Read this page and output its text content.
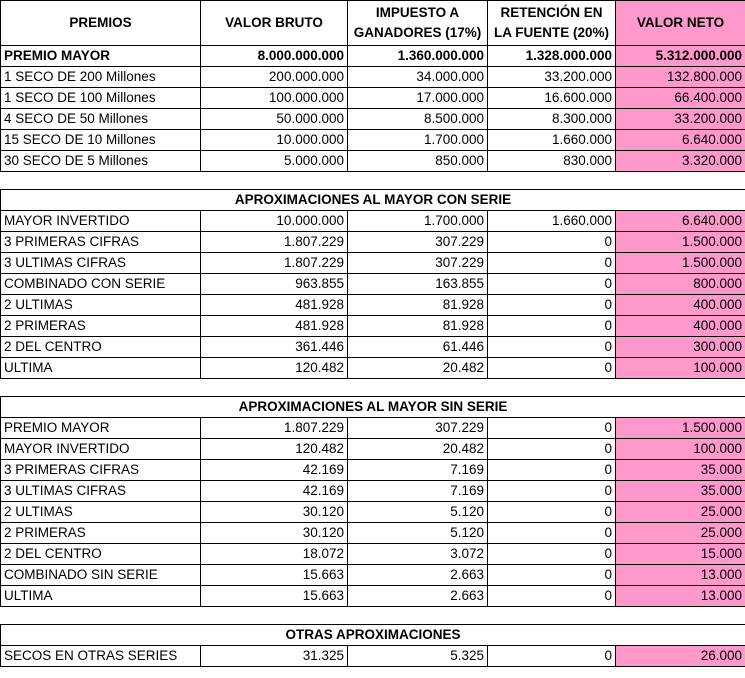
PREMIOS	VALOR BRUTO	IMPUESTO A GANADORES (17%)	RETENCIÓN EN LA FUENTE (20%)	VALOR NETO
PREMIO MAYOR	8.000.000.000	1.360.000.000	1.328.000.000	5.312.000.000
1 SECO DE 200 Millones	200.000.000	34.000.000	33.200.000	132.800.000
1 SECO DE 100 Millones	100.000.000	17.000.000	16.600.000	66.400.000
4 SECO DE 50 Millones	50.000.000	8.500.000	8.300.000	33.200.000
15 SECO DE 10 Millones	10.000.000	1.700.000	1.660.000	6.640.000
30 SECO DE 5 Millones	5.000.000	850.000	830.000	3.320.000

APROXIMACIONES AL MAYOR CON SERIE				
MAYOR INVERTIDO	10.000.000	1.700.000	1.660.000	6.640.000
3 PRIMERAS CIFRAS	1.807.229	307.229	0	1.500.000
3 ULTIMAS CIFRAS	1.807.229	307.229	0	1.500.000
COMBINADO CON SERIE	963.855	163.855	0	800.000
2 ULTIMAS	481.928	81.928	0	400.000
2 PRIMERAS	481.928	81.928	0	400.000
2 DEL CENTRO	361.446	61.446	0	300.000
ULTIMA	120.482	20.482	0	100.000

APROXIMACIONES AL MAYOR SIN SERIE				
PREMIO MAYOR	1.807.229	307.229	0	1.500.000
MAYOR INVERTIDO	120.482	20.482	0	100.000
3 PRIMERAS CIFRAS	42.169	7.169	0	35.000
3 ULTIMAS CIFRAS	42.169	7.169	0	35.000
2 ULTIMAS	30.120	5.120	0	25.000
2 PRIMERAS	30.120	5.120	0	25.000
2 DEL CENTRO	18.072	3.072	0	15.000
COMBINADO SIN SERIE	15.663	2.663	0	13.000
ULTIMA	15.663	2.663	0	13.000

OTRAS APROXIMACIONES				
SECOS EN OTRAS SERIES	31.325	5.325	0	26.000
